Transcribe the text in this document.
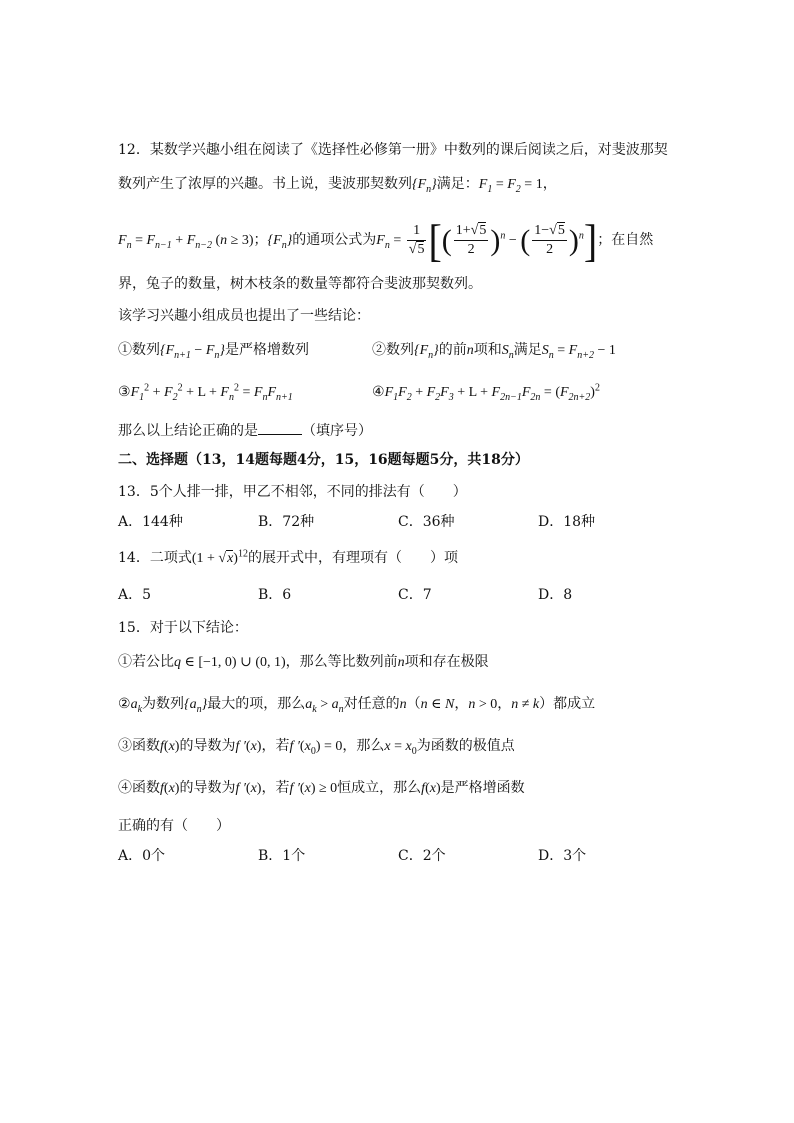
12．某数学兴趣小组在阅读了《选择性必修第一册》中数列的课后阅读之后，对斐波那契
数列产生了浓厚的兴趣。书上说，斐波那契数列$\{F_n\}$满足：$F_1 = F_2 = 1$，
$F_n = F_{n-1} + F_{n-2}$ (n ≥ 3)；$\{F_n\}$的通项公式为$F_n = \frac{1}{√5}$ [( $\frac{1+√5}{2} )^n$ − ( $\frac{1-√5}{2} )^n$]；在自然
界，兔子的数量，树木枝条的数量等都符合斐波那契数列。
该学习兴趣小组成员也提出了一些结论：
①数列$\{F_{n+1} - F_n\}$是严格增数列	②数列$\{F_n\}$的前n项和$S_n$满足$S_n = F_{n+2} - 1$
$③F_1^2 + F_2^2 + L + F_n^2 = F_nF_{n+1}$	$④F_1F_2 + F_2F_3 + L + F_{2n-1}F_{2n} = (F_{2n+2})^2$
那么以上结论正确的是	（填序号）
二、选择题（13，14题每题4分，15，16题每题5分，共18分）
13．5个人排一排，甲乙不相邻，不同的排法有（　　）
A．144种	B．72种	C．36种	D．18种
14．二项式$(1 + √x)^{12}$的展开式中，有理项有（　　）项
A．5	B．6	C．7	D．8
15．对于以下结论：
①若公比q ∈ [−1, 0) ∪ (0, 1)，那么等比数列前n项和存在极限
$②a_k$为数列$\{a_n\}$最大的项，那么$a_k > a_n$对任意的n（n ∈ N，n > 0，n ≠ k）都成立
③函数f(x)的导数为f ′(x)，若f $'(x_0) = 0$，那么$x = x_0$为函数的极值点
④函数f(x)的导数为f ′(x)，若f ′(x) ≥ 0恒成立，那么f(x)是严格增函数
正确的有（　　）
A．0个	B．1个	C．2个	D．3个
